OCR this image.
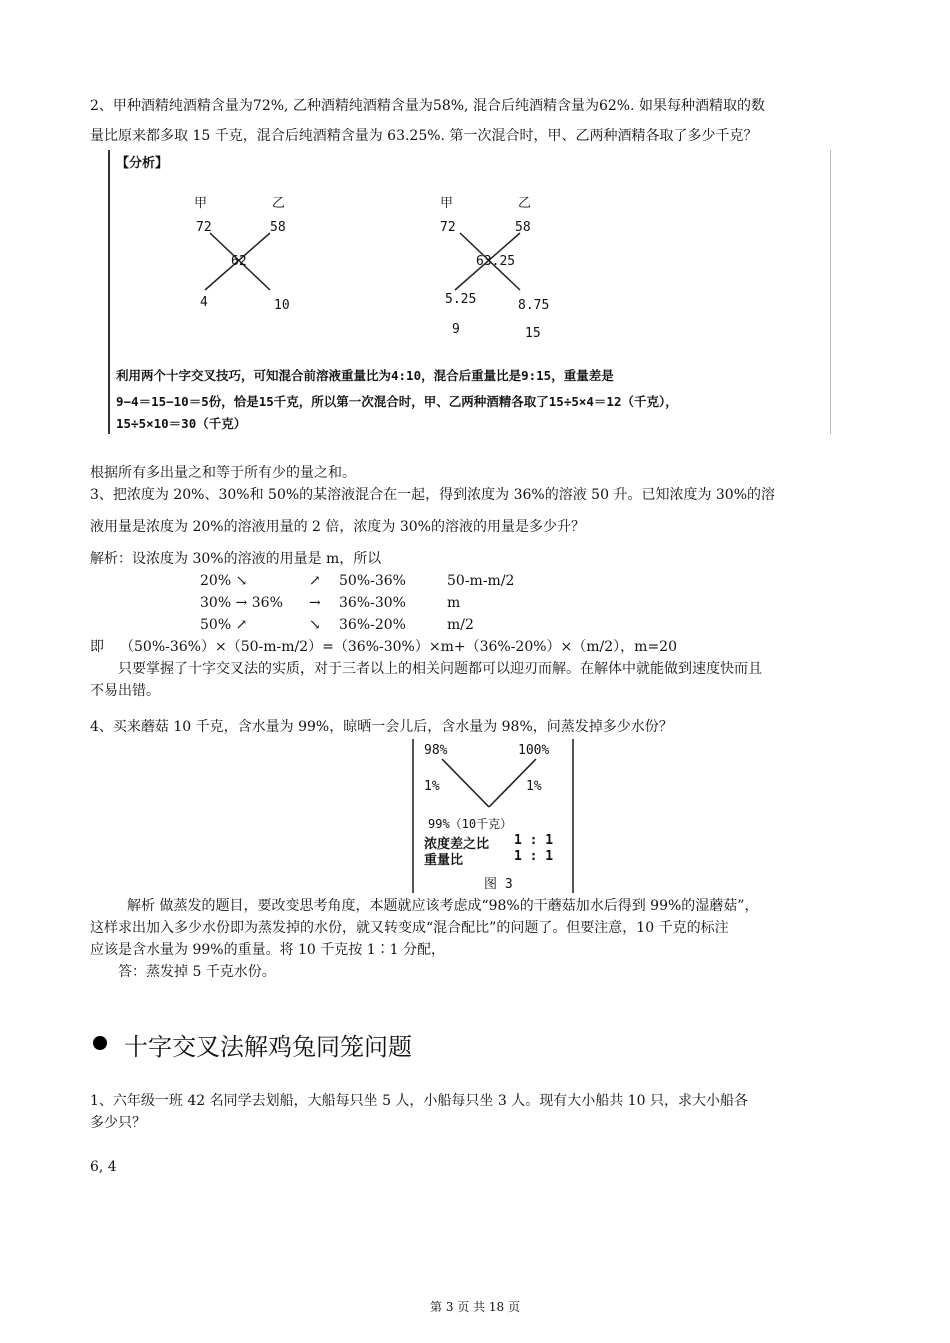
2、甲种酒精纯酒精含量为72%, 乙种酒精纯酒精含量为58%, 混合后纯酒精含量为62%. 如果每种酒精取的数
量比原来都多取 15 千克，混合后纯酒精含量为 63.25%. 第一次混合时，甲、乙两种酒精各取了多少千克？
【分析】
甲	乙
72	58
62
4	10
甲	乙
72	58
63.25
5.25	8.75
9	15
利用两个十字交叉技巧，可知混合前溶液重量比为4:10，混合后重量比是9:15，重量差是
9−4＝15−10＝5份，恰是15千克，所以第一次混合时，甲、乙两种酒精各取了15÷5×4＝12（千克），
15÷5×10＝30（千克）
根据所有多出量之和等于所有少的量之和。
3、把浓度为 20%、30%和 50%的某溶液混合在一起，得到浓度为 36%的溶液 50 升。已知浓度为 30%的溶
液用量是浓度为 20%的溶液用量的 2 倍，浓度为 30%的溶液的用量是多少升？
解析：设浓度为 30%的溶液的用量是 m，所以
20% ↘	↗ 50%-36%	50-m-m/2
30% → 36% → 36%-30%	m
50% ↗	↘ 36%-20%	m/2
即 （50%-36%）×（50-m-m/2）=（36%-30%）×m+（36%-20%）×（m/2），m=20
只要掌握了十字交叉法的实质，对于三者以上的相关问题都可以迎刃而解。在解体中就能做到速度快而且
不易出错。
4、买来蘑菇 10 千克，含水量为 99%，晾晒一会儿后，含水量为 98%，问蒸发掉多少水份？
98%	100%
1%	1%
99%（10千克）
浓度差之比 1 : 1
重量比	1 : 1
图 3
解析 做蒸发的题目，要改变思考角度，本题就应该考虑成“98%的干蘑菇加水后得到 99%的湿蘑菇”，
这样求出加入多少水份即为蒸发掉的水份，就又转变成“混合配比”的问题了。但要注意，10 千克的标注
应该是含水量为 99%的重量。将 10 千克按 1∶1 分配，
答：蒸发掉 5 千克水份。
十字交叉法解鸡兔同笼问题
1、六年级一班 42 名同学去划船，大船每只坐 5 人，小船每只坐 3 人。现有大小船共 10 只，求大小船各
多少只？
6, 4
第 3 页 共 18 页
